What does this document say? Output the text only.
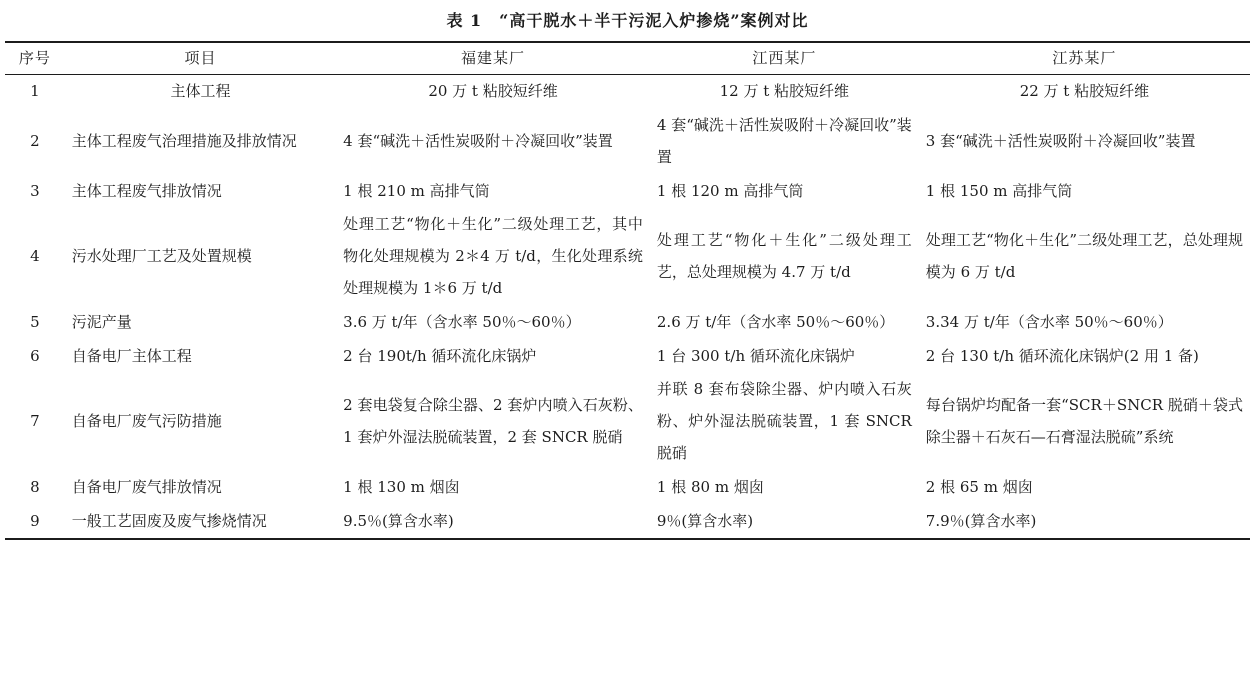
表 1　“高干脱水＋半干污泥入炉掺烧”案例对比
序号	项目	福建某厂	江西某厂	江苏某厂
1	主体工程	20 万 t 粘胶短纤维	12 万 t 粘胶短纤维	22 万 t 粘胶短纤维
2	主体工程废气治理措施及排放情况	4 套“碱洗＋活性炭吸附＋冷凝回收”装置	4 套“碱洗＋活性炭吸附＋冷凝回收”装置	3 套“碱洗＋活性炭吸附＋冷凝回收”装置
3	主体工程废气排放情况	1 根 210 m 高排气筒	1 根 120 m 高排气筒	1 根 150 m 高排气筒
4	污水处理厂工艺及处置规模	处理工艺“物化＋生化”二级处理工艺，其中物化处理规模为 2＊4 万 t/d，生化处理系统处理规模为 1＊6 万 t/d	处理工艺“物化＋生化”二级处理工艺，总处理规模为 4.7 万 t/d	处理工艺“物化＋生化”二级处理工艺，总处理规模为 6 万 t/d
5	污泥产量	3.6 万 t/年（含水率 50％～60％）	2.6 万 t/年（含水率 50％～60％）	3.34 万 t/年（含水率 50％～60％）
6	自备电厂主体工程	2 台 190t/h 循环流化床锅炉	1 台 300 t/h 循环流化床锅炉	2 台 130 t/h 循环流化床锅炉(2 用 1 备)
7	自备电厂废气污防措施	2 套电袋复合除尘器、2 套炉内喷入石灰粉、1 套炉外湿法脱硫装置，2 套 SNCR 脱硝	并联 8 套布袋除尘器、炉内喷入石灰粉、炉外湿法脱硫装置，1 套 SNCR 脱硝	每台锅炉均配备一套“SCR＋SNCR 脱硝＋袋式除尘器＋石灰石—石膏湿法脱硫”系统
8	自备电厂废气排放情况	1 根 130 m 烟囱	1 根 80 m 烟囱	2 根 65 m 烟囱
9	一般工艺固废及废气掺烧情况	9.5％(算含水率)	9％(算含水率)	7.9％(算含水率)
